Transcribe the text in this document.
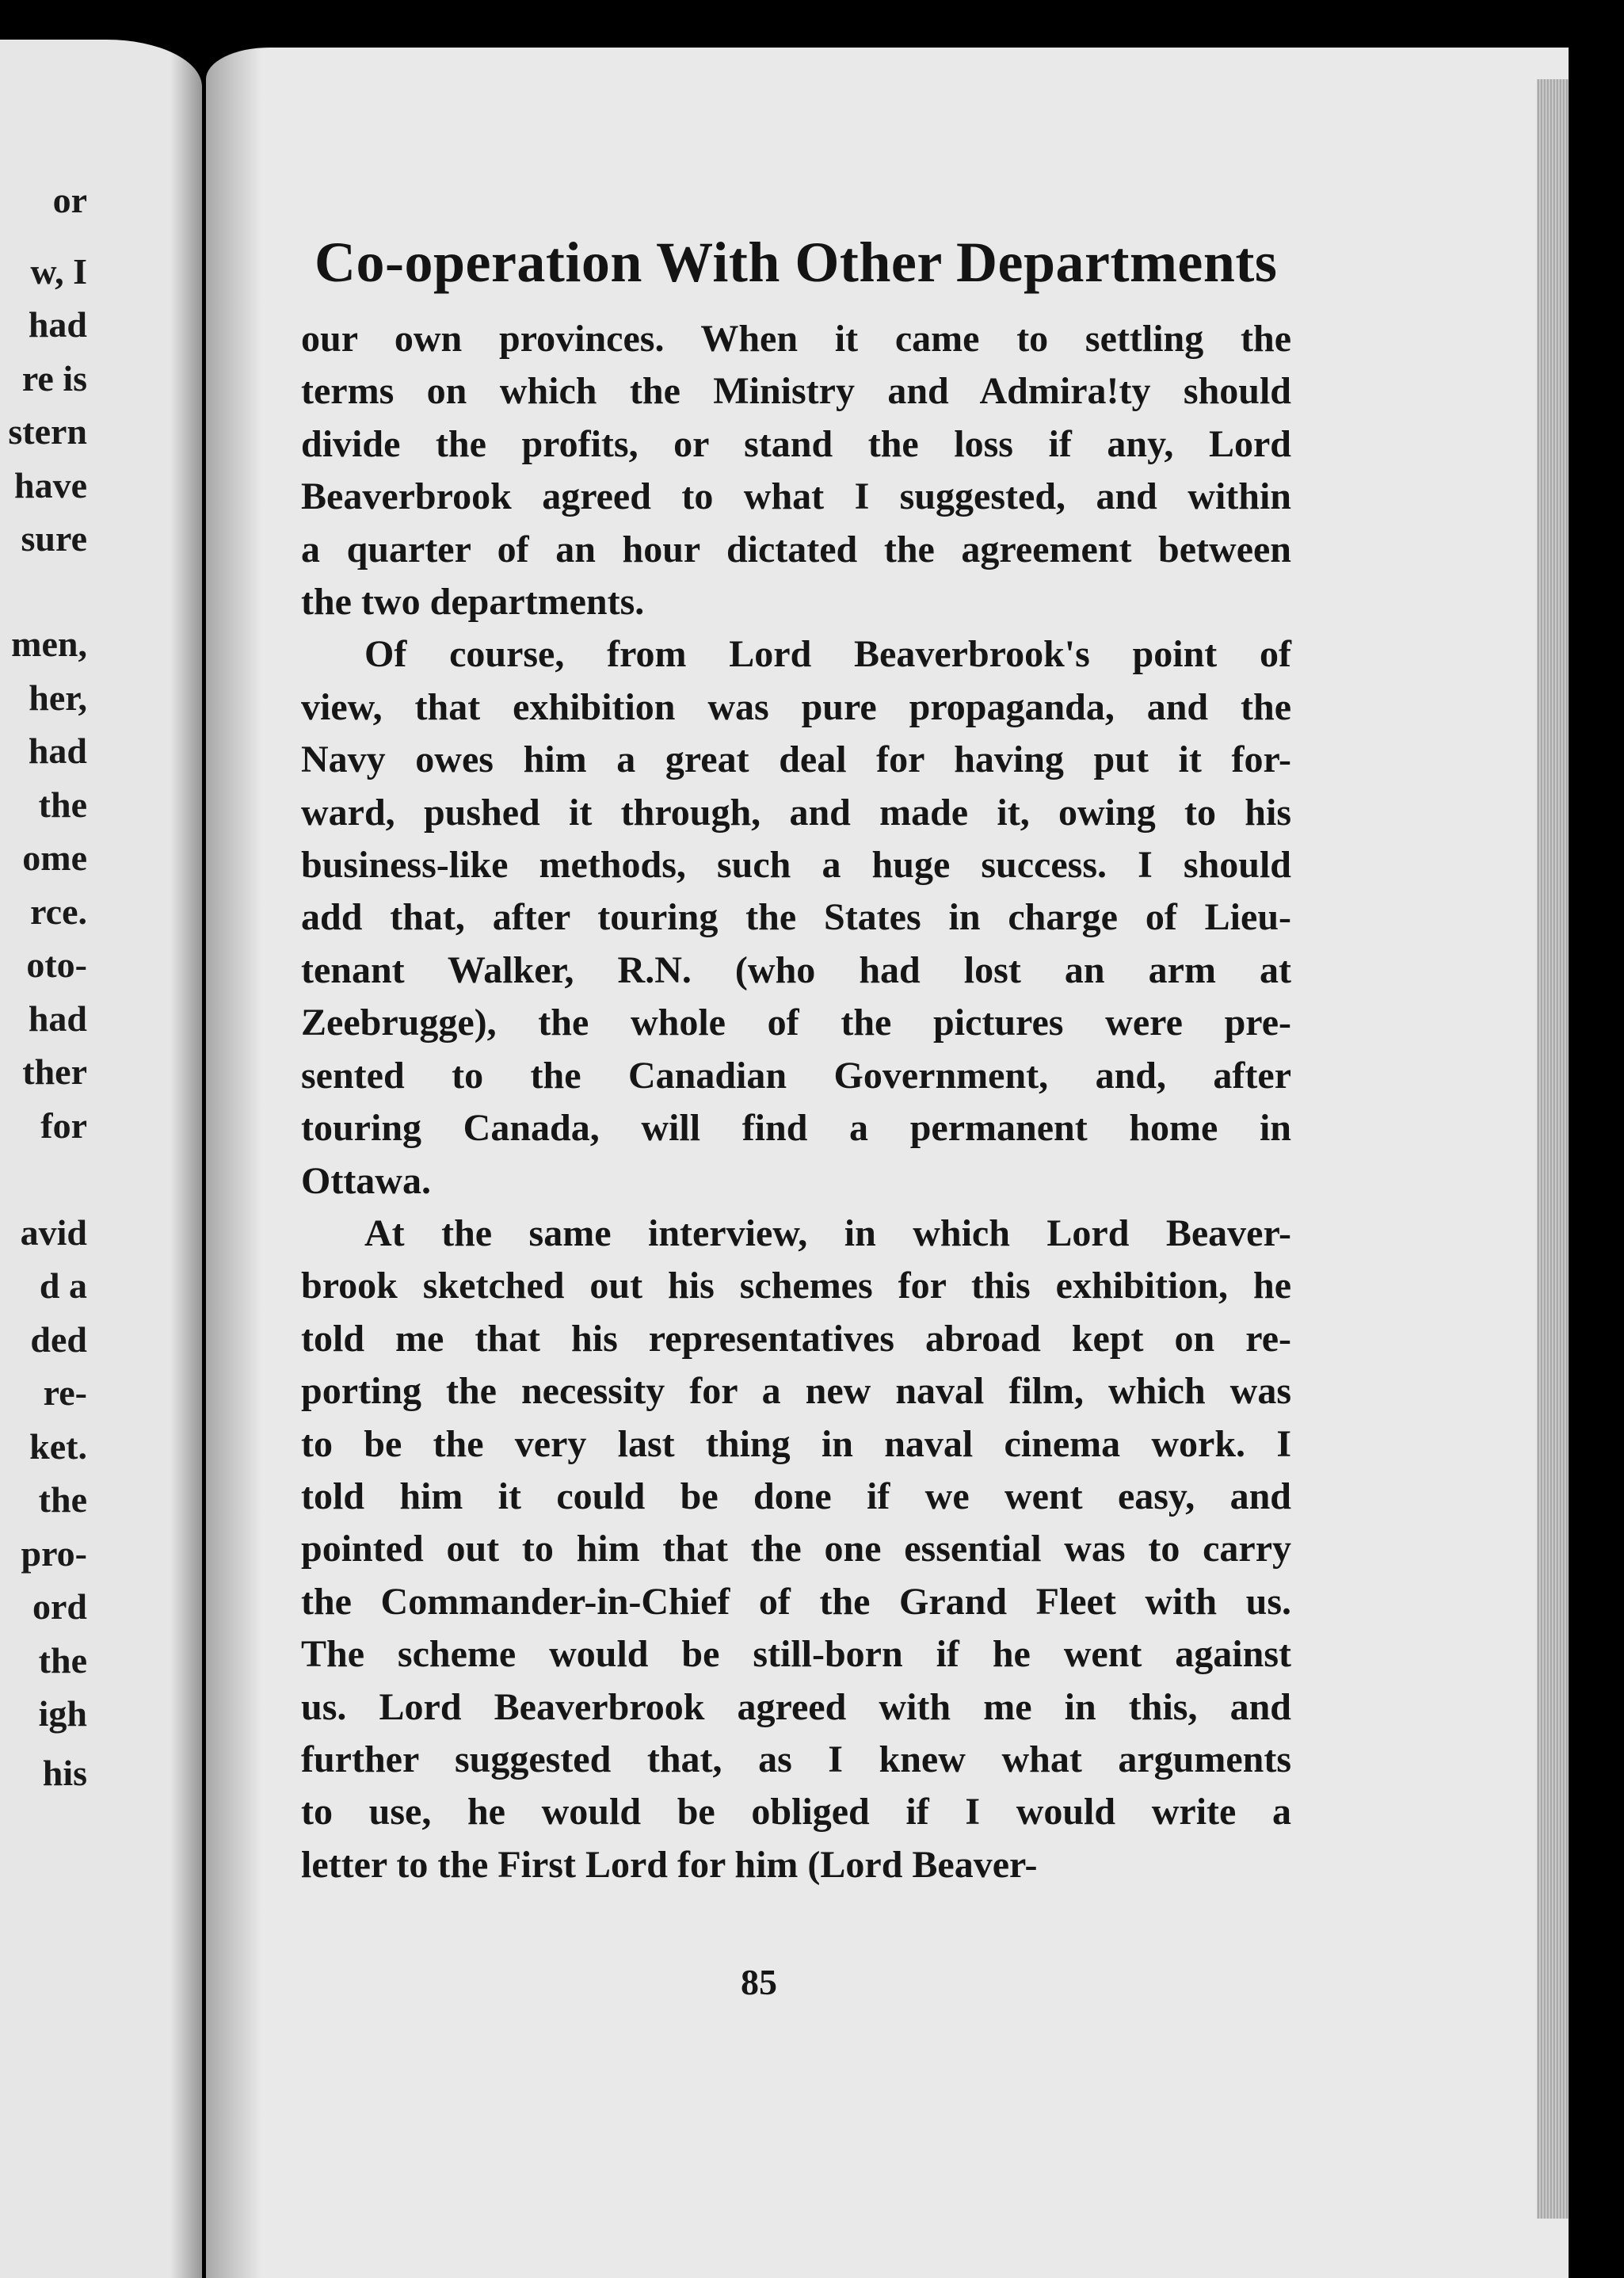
or
w, I
had
re is
stern
have
sure
men,
her,
had
the
ome
rce.
oto-
had
ther
for
avid
d a
ded
re-
ket.
the
pro-
ord
the
igh
his
Co-operation With Other Departments

our own provinces. When it came to settling the
terms on which the Ministry and Admira!ty should
divide the profits, or stand the loss if any, Lord
Beaverbrook agreed to what I suggested, and within
a quarter of an hour dictated the agreement between
the two departments.

Of course, from Lord Beaverbrook's point of
view, that exhibition was pure propaganda, and the
Navy owes him a great deal for having put it for-
ward, pushed it through, and made it, owing to his
business-like methods, such a huge success. I should
add that, after touring the States in charge of Lieu-
tenant Walker, R.N. (who had lost an arm at
Zeebrugge), the whole of the pictures were pre-
sented to the Canadian Government, and, after
touring Canada, will find a permanent home in
Ottawa.

At the same interview, in which Lord Beaver-
brook sketched out his schemes for this exhibition, he
told me that his representatives abroad kept on re-
porting the necessity for a new naval film, which was
to be the very last thing in naval cinema work. I
told him it could be done if we went easy, and
pointed out to him that the one essential was to carry
the Commander-in-Chief of the Grand Fleet with us.
The scheme would be still-born if he went against
us. Lord Beaverbrook agreed with me in this, and
further suggested that, as I knew what arguments
to use, he would be obliged if I would write a
letter to the First Lord for him (Lord Beaver-

85
